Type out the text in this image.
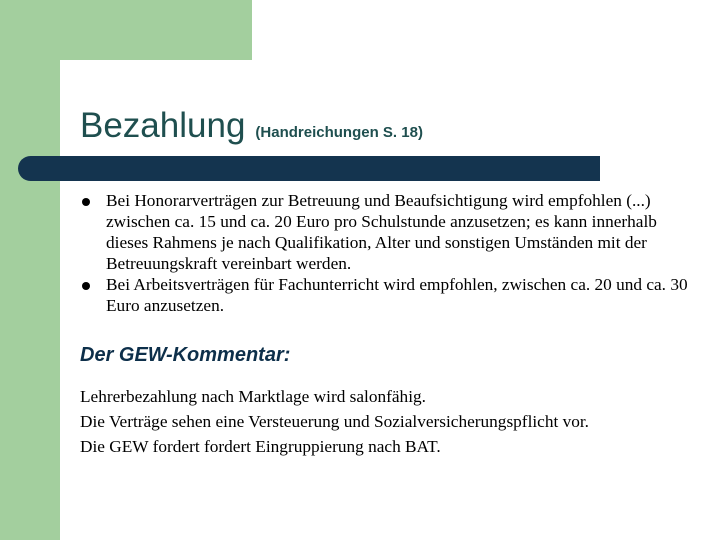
Bezahlung (Handreichungen S. 18)
Bei Honorarverträgen zur Betreuung und Beaufsichtigung wird empfohlen (...) zwischen ca. 15 und ca. 20 Euro pro Schulstunde anzusetzen; es kann innerhalb dieses Rahmens je nach Qualifikation, Alter und sonstigen Umständen mit der Betreuungskraft vereinbart werden.
Bei Arbeitsverträgen für Fachunterricht wird empfohlen, zwischen ca. 20 und ca. 30 Euro anzusetzen.
Der GEW-Kommentar:
Lehrerbezahlung nach Marktlage wird salonfähig.
Die Verträge sehen eine Versteuerung und Sozialversicherungspflicht vor.
Die GEW fordert fordert Eingruppierung nach BAT.
